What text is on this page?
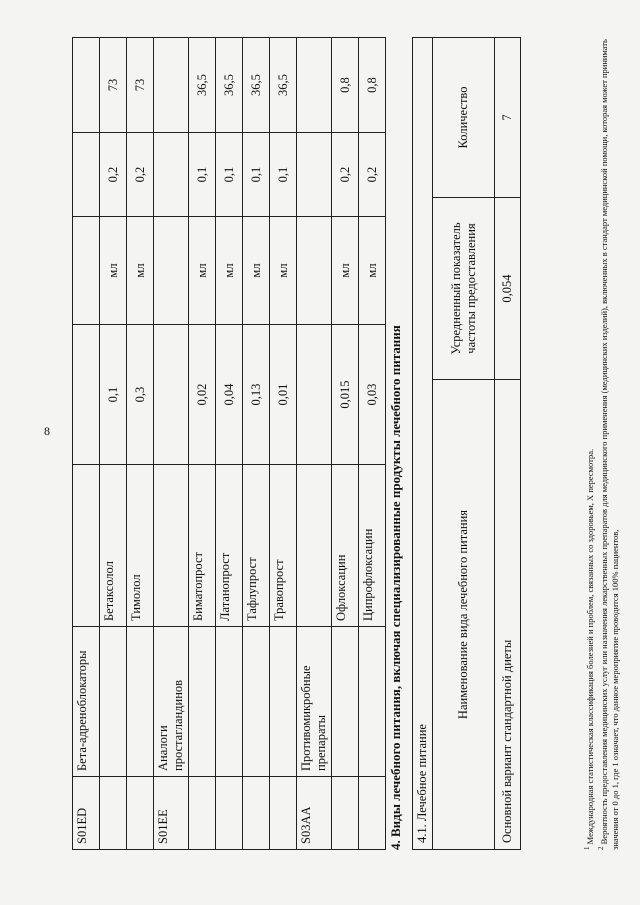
8
S01ED	Бета-адреноблокаторы					
		Бетаксолол	0,1	мл	0,2	73
		Тимолол	0,3	мл	0,2	73
S01EE	Аналоги простагландинов					
		Биматопрост	0,02	мл	0,1	36,5
		Латанопрост	0,04	мл	0,1	36,5
		Тафлупрост	0,13	мл	0,1	36,5
		Травопрост	0,01	мл	0,1	36,5
S03AA	Противомикробные препараты					
		Офлоксацин	0,015	мл	0,2	0,8
		Ципрофлоксацин	0,03	мл	0,2	0,8
4. Виды лечебного питания, включая специализированные продукты лечебного питания 4.1. Лечебное питание		
Наименование вида лечебного питания	Усредненный показатель частоты предоставления	Количество
Основной вариант стандартной диеты	0,054	7

$^1$ Международная статистическая классификация болезней и проблем, связанных со здоровьем, X пересмотра.

$^2$ Вероятность предоставления медицинских услуг или назначения лекарственных препаратов для медицинского применения (медицинских изделий), включенных в стандарт медицинской помощи, которая может принимать значения от 0 до 1, где 1 означает, что данное мероприятие проводится 100% пациентов,
